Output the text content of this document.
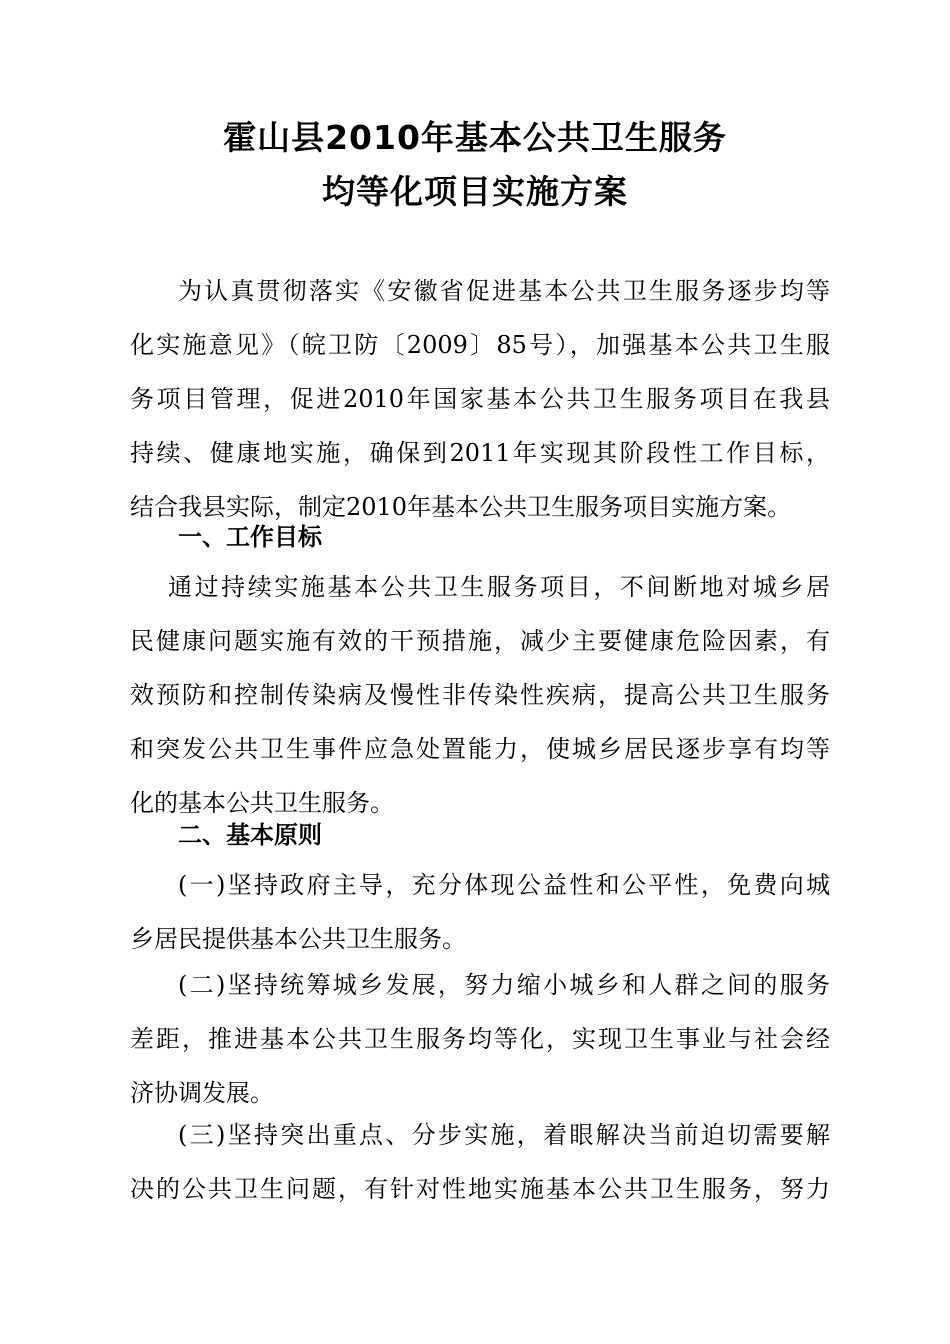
霍山县2010年基本公共卫生服务
均等化项目实施方案
为认真贯彻落实《安徽省促进基本公共卫生服务逐步均等
化实施意见》（皖卫防〔2009〕85号），加强基本公共卫生服
务项目管理，促进2010年国家基本公共卫生服务项目在我县
持续、健康地实施，确保到2011年实现其阶段性工作目标，
结合我县实际，制定2010年基本公共卫生服务项目实施方案。
一、工作目标
通过持续实施基本公共卫生服务项目，不间断地对城乡居
民健康问题实施有效的干预措施，减少主要健康危险因素，有
效预防和控制传染病及慢性非传染性疾病，提高公共卫生服务
和突发公共卫生事件应急处置能力，使城乡居民逐步享有均等
化的基本公共卫生服务。
二、基本原则
(一)坚持政府主导，充分体现公益性和公平性，免费向城
乡居民提供基本公共卫生服务。
(二)坚持统筹城乡发展，努力缩小城乡和人群之间的服务
差距，推进基本公共卫生服务均等化，实现卫生事业与社会经
济协调发展。
(三)坚持突出重点、分步实施，着眼解决当前迫切需要解
决的公共卫生问题，有针对性地实施基本公共卫生服务，努力
